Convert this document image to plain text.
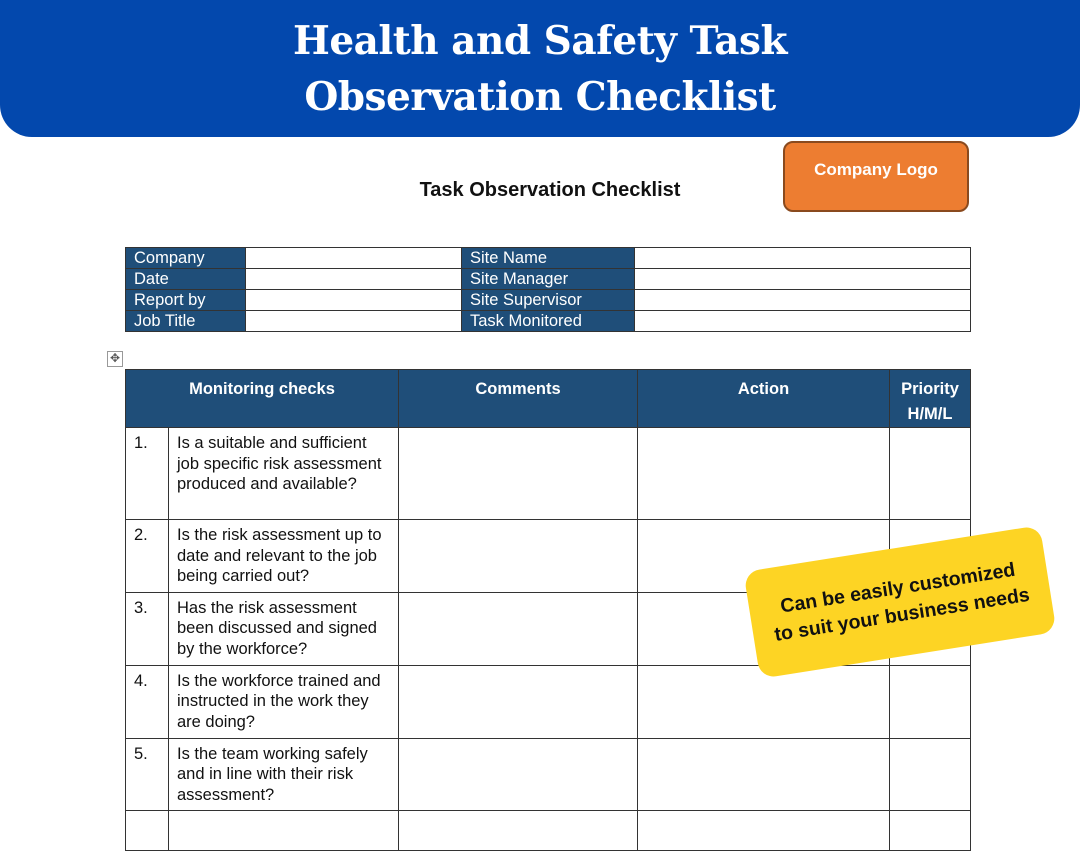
Health and Safety Task
Observation Checklist
Company Logo
Task Observation Checklist
Company		Site Name	
Date		Site Manager	
Report by		Site Supervisor	
Job Title		Task Monitored	
✥
Monitoring checks		Comments	Action	Priority
H/M/L
1.	Is a suitable and sufficient job specific risk assessment produced and available?			
2.	Is the risk assessment up to date and relevant to the job being carried out?			
3.	Has the risk assessment been discussed and signed by the workforce?			
4.	Is the workforce trained and instructed in the work they are doing?			
5.	Is the team working safely and in line with their risk assessment?			

Can be easily customized to suit your business needs
